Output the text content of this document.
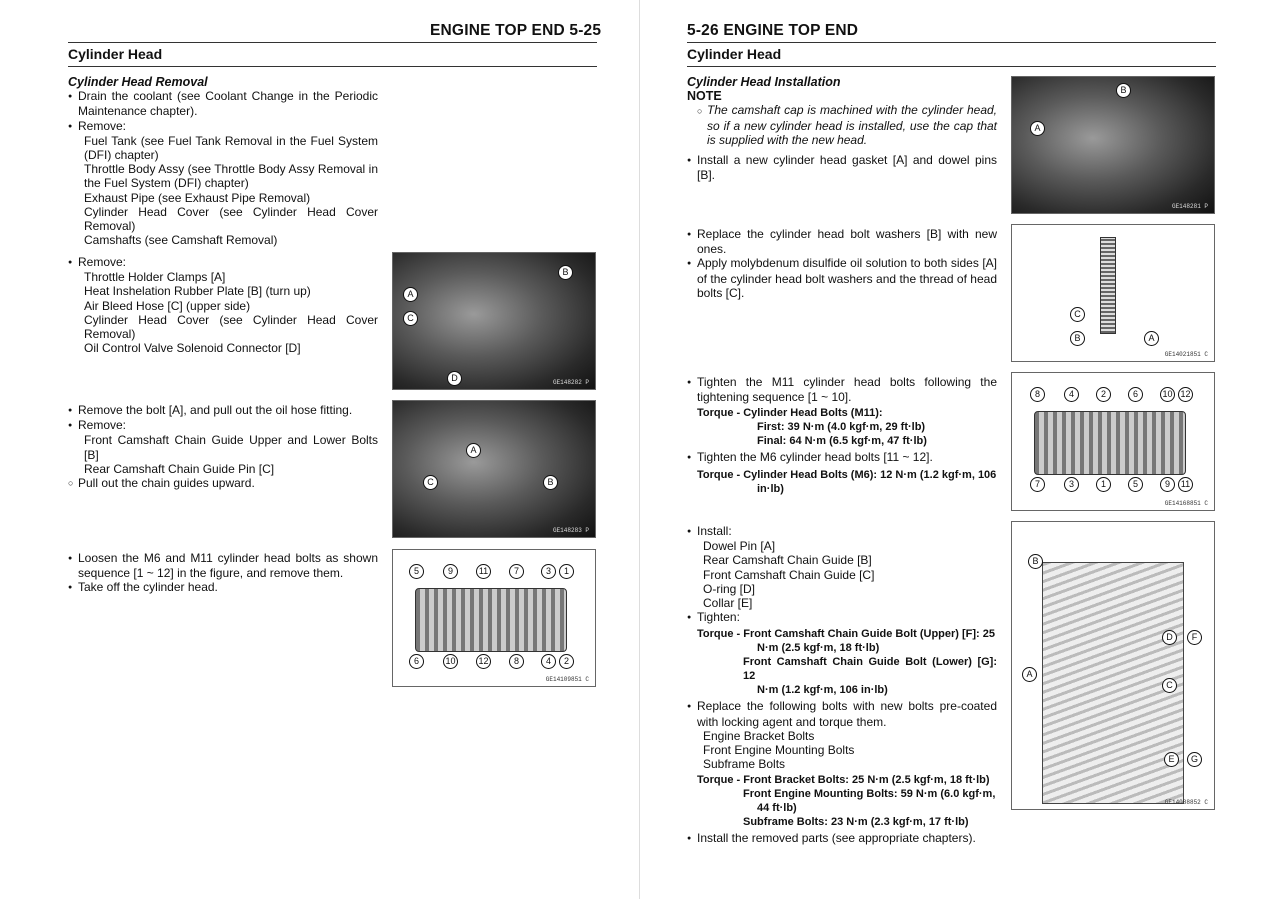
ENGINE TOP END 5-25
Cylinder Head

Cylinder Head Removal

● Drain the coolant (see Coolant Change in the Periodic Maintenance chapter).

● Remove:

Fuel Tank (see Fuel Tank Removal in the Fuel System (DFI) chapter)

Throttle Body Assy (see Throttle Body Assy Removal in the Fuel System (DFI) chapter)

Exhaust Pipe (see Exhaust Pipe Removal)

Cylinder Head Cover (see Cylinder Head Cover Removal)

Camshafts (see Camshaft Removal)

● Remove:

Throttle Holder Clamps [A]

Heat Inshelation Rubber Plate [B] (turn up)

Air Bleed Hose [C] (upper side)

Cylinder Head Cover (see Cylinder Head Cover Removal)

Oil Control Valve Solenoid Connector [D]

● Remove the bolt [A], and pull out the oil hose fitting.

● Remove:

Front Camshaft Chain Guide Upper and Lower Bolts [B]

Rear Camshaft Chain Guide Pin [C]

○ Pull out the chain guides upward.

● Loosen the M6 and M11 cylinder head bolts as shown sequence [1 ~ 12] in the figure, and remove them.

● Take off the cylinder head.

A
B
C
D	GE148282 P
A
B
C
GE148283 P
5	9	11	7	3	1
6	10	12	8	4	2
GE14109851 C
5-26 ENGINE TOP END
Cylinder Head

Cylinder Head Installation

NOTE

○ The camshaft cap is machined with the cylinder head, so if a new cylinder head is installed, use the cap that is supplied with the new head.

● Install a new cylinder head gasket [A] and dowel pins [B].

● Replace the cylinder head bolt washers [B] with new ones.

● Apply molybdenum disulfide oil solution to both sides [A] of the cylinder head bolt washers and the thread of head bolts [C].

● Tighten the M11 cylinder head bolts following the tightening sequence [1 ~ 10].

Torque - Cylinder Head Bolts (M11):
First: 39 N·m (4.0 kgf·m, 29 ft·lb)
Final: 64 N·m (6.5 kgf·m, 47 ft·lb)

● Tighten the M6 cylinder head bolts [11 ~ 12].

Torque - Cylinder Head Bolts (M6): 12 N·m (1.2 kgf·m, 106
in·lb)

● Install:

Dowel Pin [A]

Rear Camshaft Chain Guide [B]

Front Camshaft Chain Guide [C]

O-ring [D]

Collar [E]

● Tighten:

Torque - Front Camshaft Chain Guide Bolt (Upper) [F]: 25
N·m (2.5 kgf·m, 18 ft·lb)
Front Camshaft Chain Guide Bolt (Lower) [G]: 12
N·m (1.2 kgf·m, 106 in·lb)

● Replace the following bolts with new bolts pre-coated with locking agent and torque them.

Engine Bracket Bolts

Front Engine Mounting Bolts

Subframe Bolts

Torque - Front Bracket Bolts: 25 N·m (2.5 kgf·m, 18 ft·lb)
Front Engine Mounting Bolts: 59 N·m (6.0 kgf·m,
44 ft·lb)
Subframe Bolts: 23 N·m (2.3 kgf·m, 17 ft·lb)

● Install the removed parts (see appropriate chapters).

A
B
GE148281 P
C
B	A
GE14021851 C
8	4	2	6	10 12
7	3	1	5	9	11
GE14168851 C
B
A
D	F
C
E	G
GE14088852 C
